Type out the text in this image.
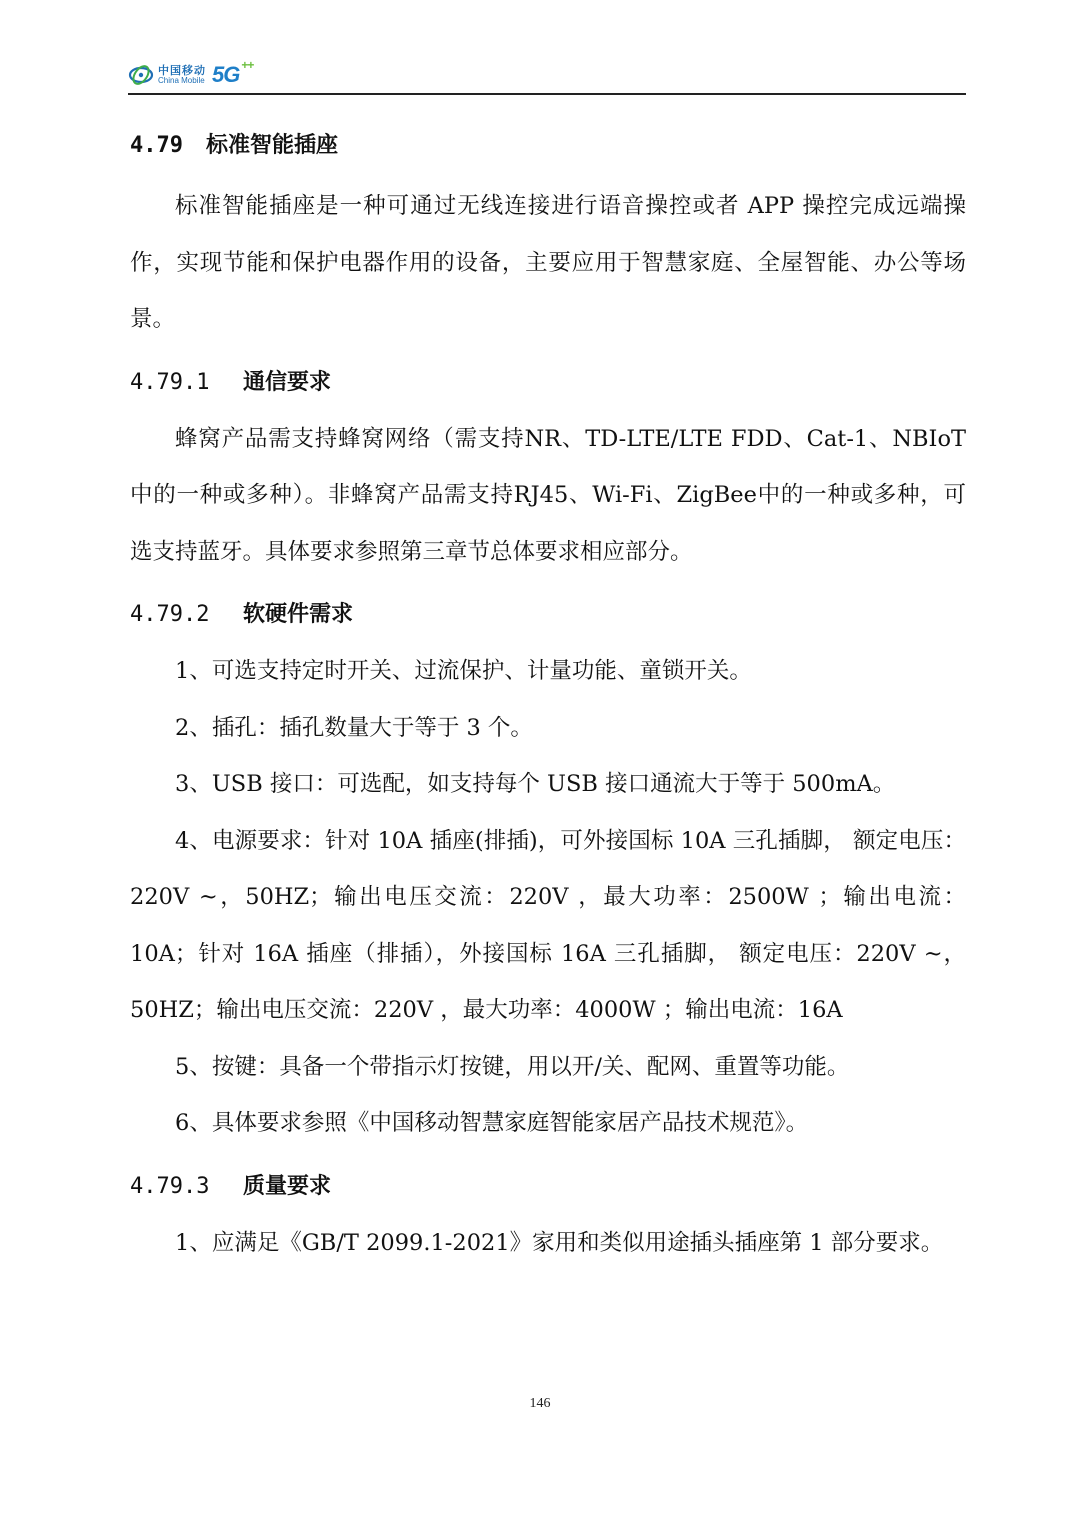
中国移动
China Mobile 5G ++
4.79 标准智能插座

标准智能插座是一种可通过无线连接进行语音操控或者 APP 操控完成远端操作，实现节能和保护电器作用的设备，主要应用于智慧家庭、全屋智能、办公等场景。

4.79.1 通信要求

蜂窝产品需支持蜂窝网络（需支持NR、TD-LTE/LTE FDD、Cat-1、NBIoT中的一种或多种）。非蜂窝产品需支持RJ45、Wi-Fi、ZigBee中的一种或多种，可选支持蓝牙。具体要求参照第三章节总体要求相应部分。

4.79.2 软硬件需求

1、可选支持定时开关、过流保护、计量功能、童锁开关。

2、插孔：插孔数量大于等于 3 个。

3、USB 接口：可选配，如支持每个 USB 接口通流大于等于 500mA。

4、电源要求：针对 10A 插座(排插)，可外接国标 10A 三孔插脚， 额定电压：220V ~，50HZ；输出电压交流：220V ，最大功率：2500W ；输出电流：10A；针对 16A 插座（排插），外接国标 16A 三孔插脚， 额定电压：220V ~，50HZ；输出电压交流：220V ，最大功率：4000W ；输出电流：16A

5、按键：具备一个带指示灯按键，用以开/关、配网、重置等功能。

6、具体要求参照《中国移动智慧家庭智能家居产品技术规范》。

4.79.3 质量要求

1、应满足《GB/T 2099.1-2021》家用和类似用途插头插座第 1 部分要求。

146
